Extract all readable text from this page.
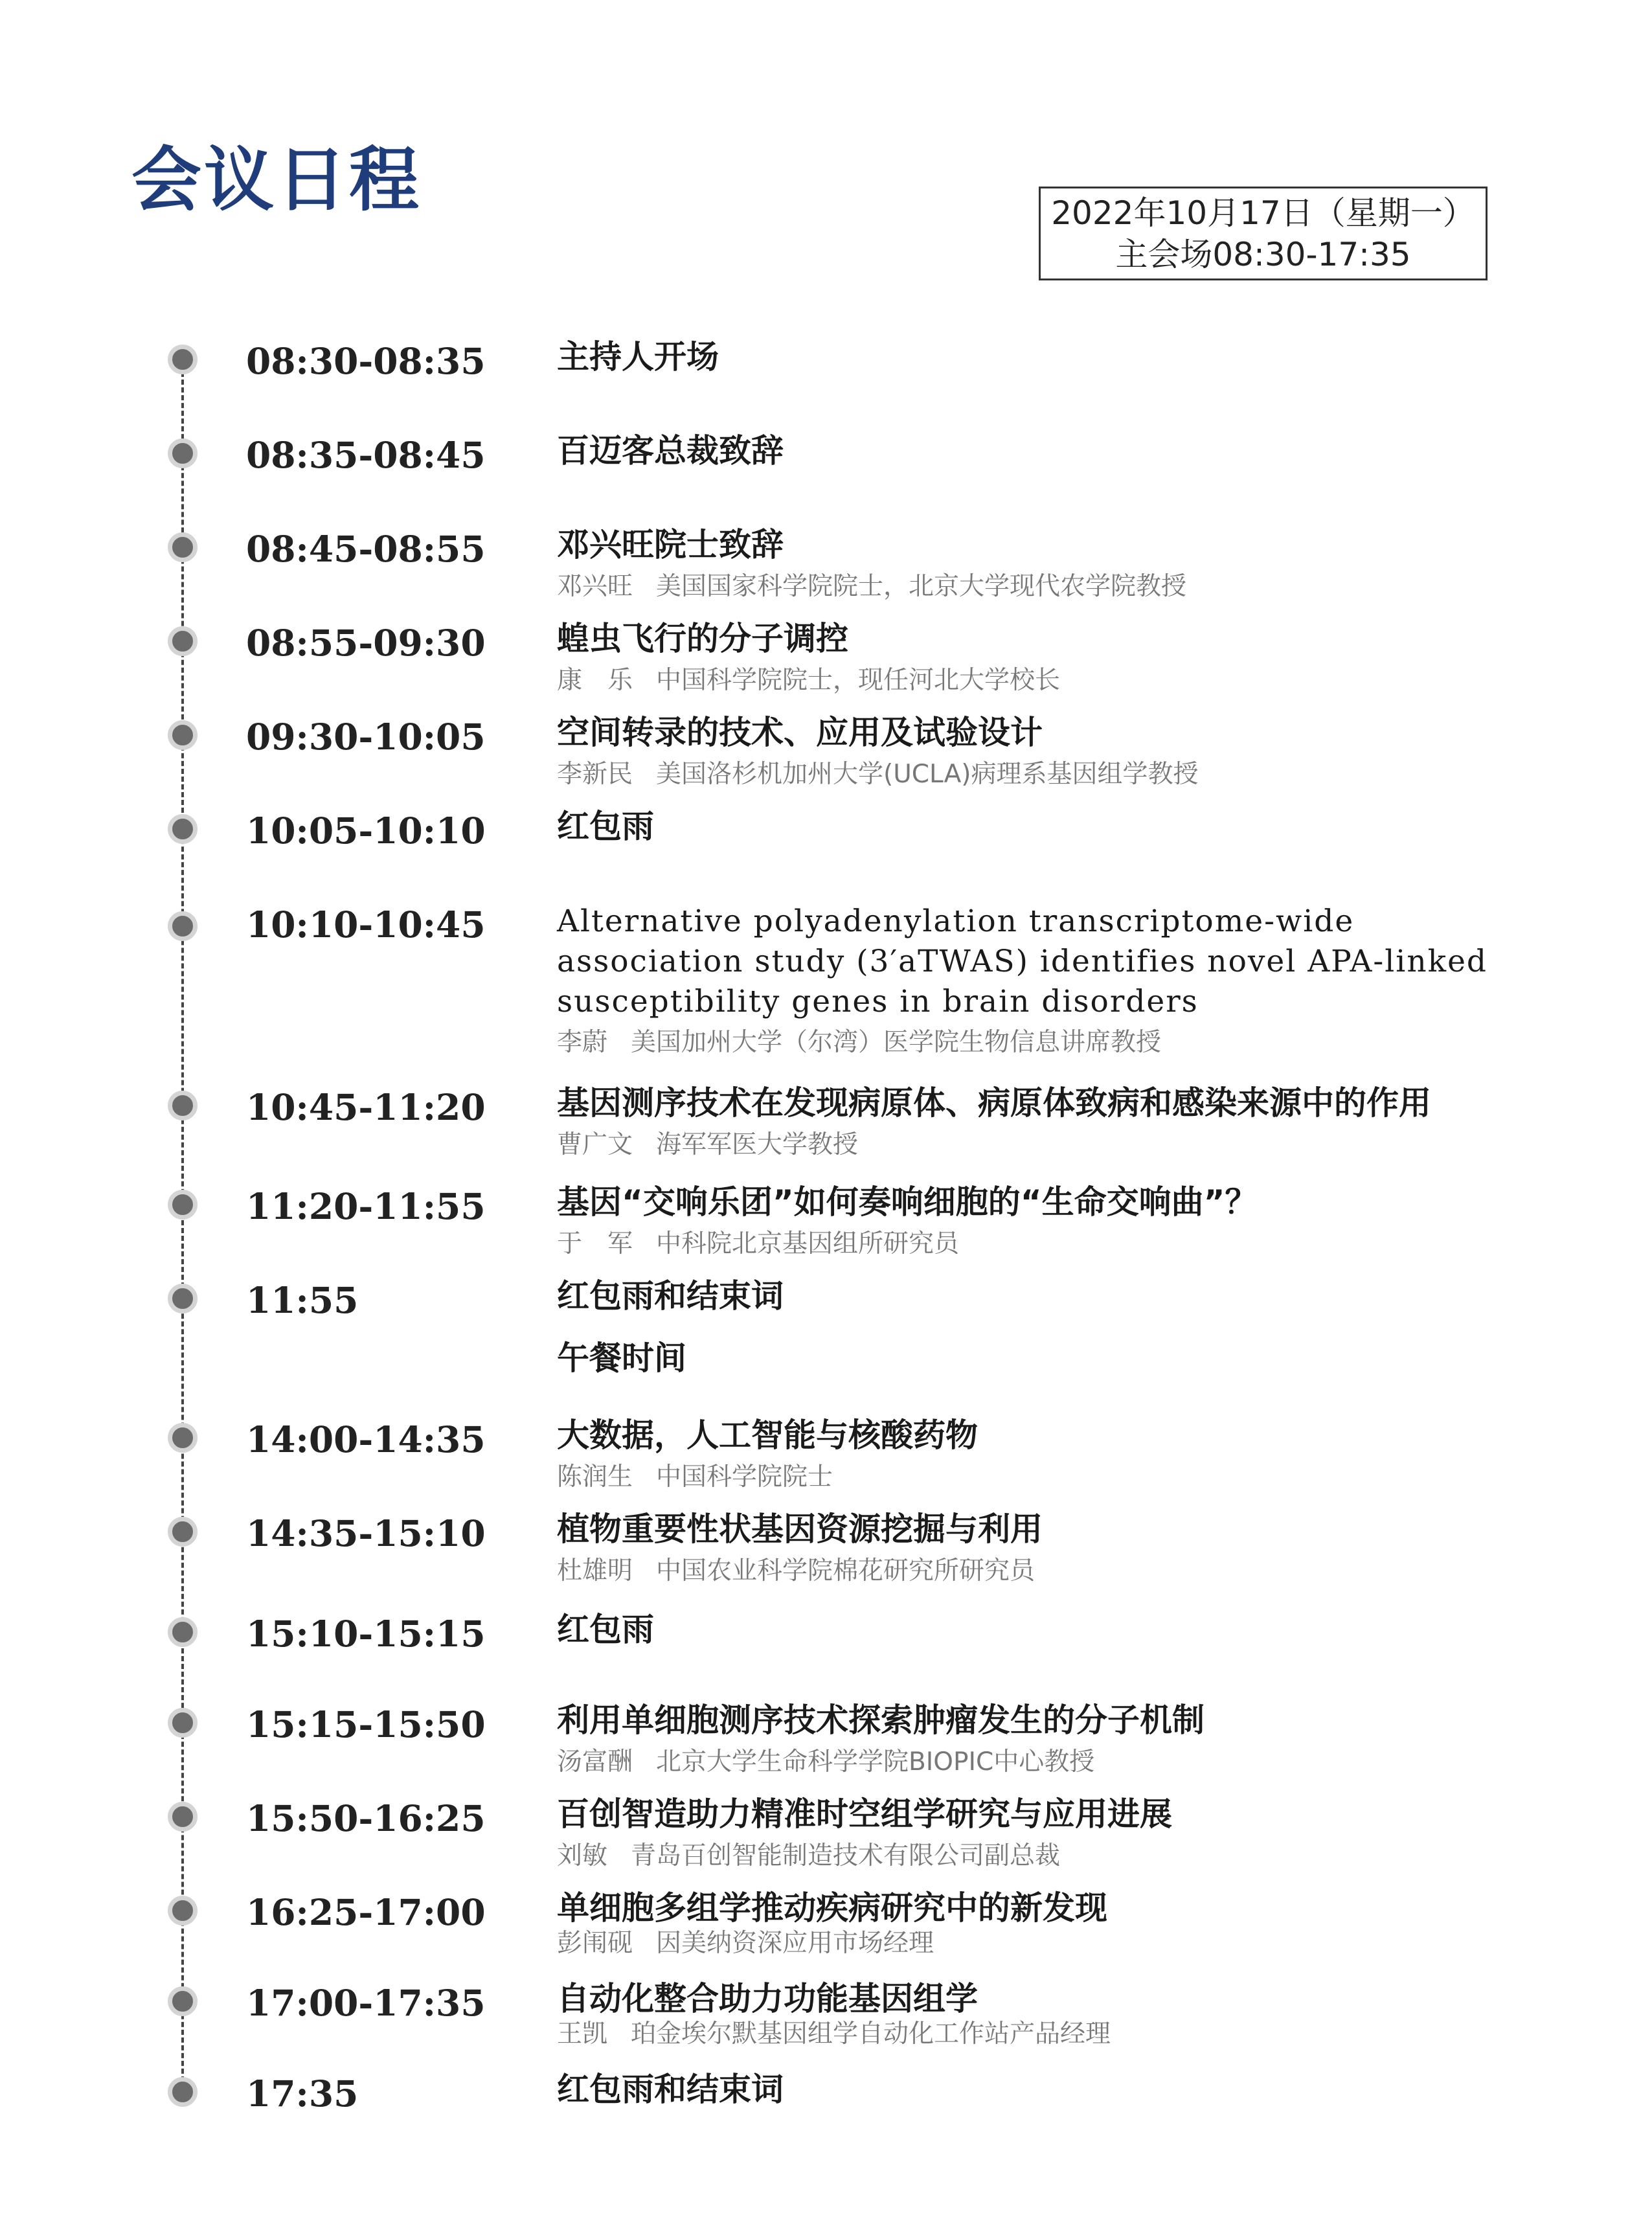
会议日程	2022年10月17日（星期一）
主会场08:30-17:35
08:30-08:35 主持人开场
08:35-08:45 百迈客总裁致辞
08:45-08:55 邓兴旺院士致辞
邓兴旺 美国国家科学院院士，北京大学现代农学院教授
08:55-09:30 蝗虫飞行的分子调控
康　乐 中国科学院院士，现任河北大学校长
09:30-10:05 空间转录的技术、应用及试验设计
李新民 美国洛杉机加州大学(UCLA)病理系基因组学教授
10:05-10:10 红包雨
10:10-10:45 Alternative polyadenylation transcriptome-wide association study (3′aTWAS) identifies novel APA-linked susceptibility genes in brain disorders
李蔚 美国加州大学（尔湾）医学院生物信息讲席教授
10:45-11:20 基因测序技术在发现病原体、病原体致病和感染来源中的作用
曹广文 海军军医大学教授
11:20-11:55 基因“交响乐团”如何奏响细胞的“生命交响曲”？
于　军 中科院北京基因组所研究员
11:55	红包雨和结束词
午餐时间
14:00-14:35 大数据，人工智能与核酸药物
陈润生 中国科学院院士
14:35-15:10 植物重要性状基因资源挖掘与利用
杜雄明 中国农业科学院棉花研究所研究员
15:10-15:15 红包雨
15:15-15:50 利用单细胞测序技术探索肿瘤发生的分子机制
汤富酬 北京大学生命科学学院BIOPIC中心教授
15:50-16:25 百创智造助力精准时空组学研究与应用进展
刘敏 青岛百创智能制造技术有限公司副总裁
16:25-17:00 单细胞多组学推动疾病研究中的新发现
彭闱砚 因美纳资深应用市场经理
17:00-17:35 自动化整合助力功能基因组学
王凯 珀金埃尔默基因组学自动化工作站产品经理
17:35	红包雨和结束词
